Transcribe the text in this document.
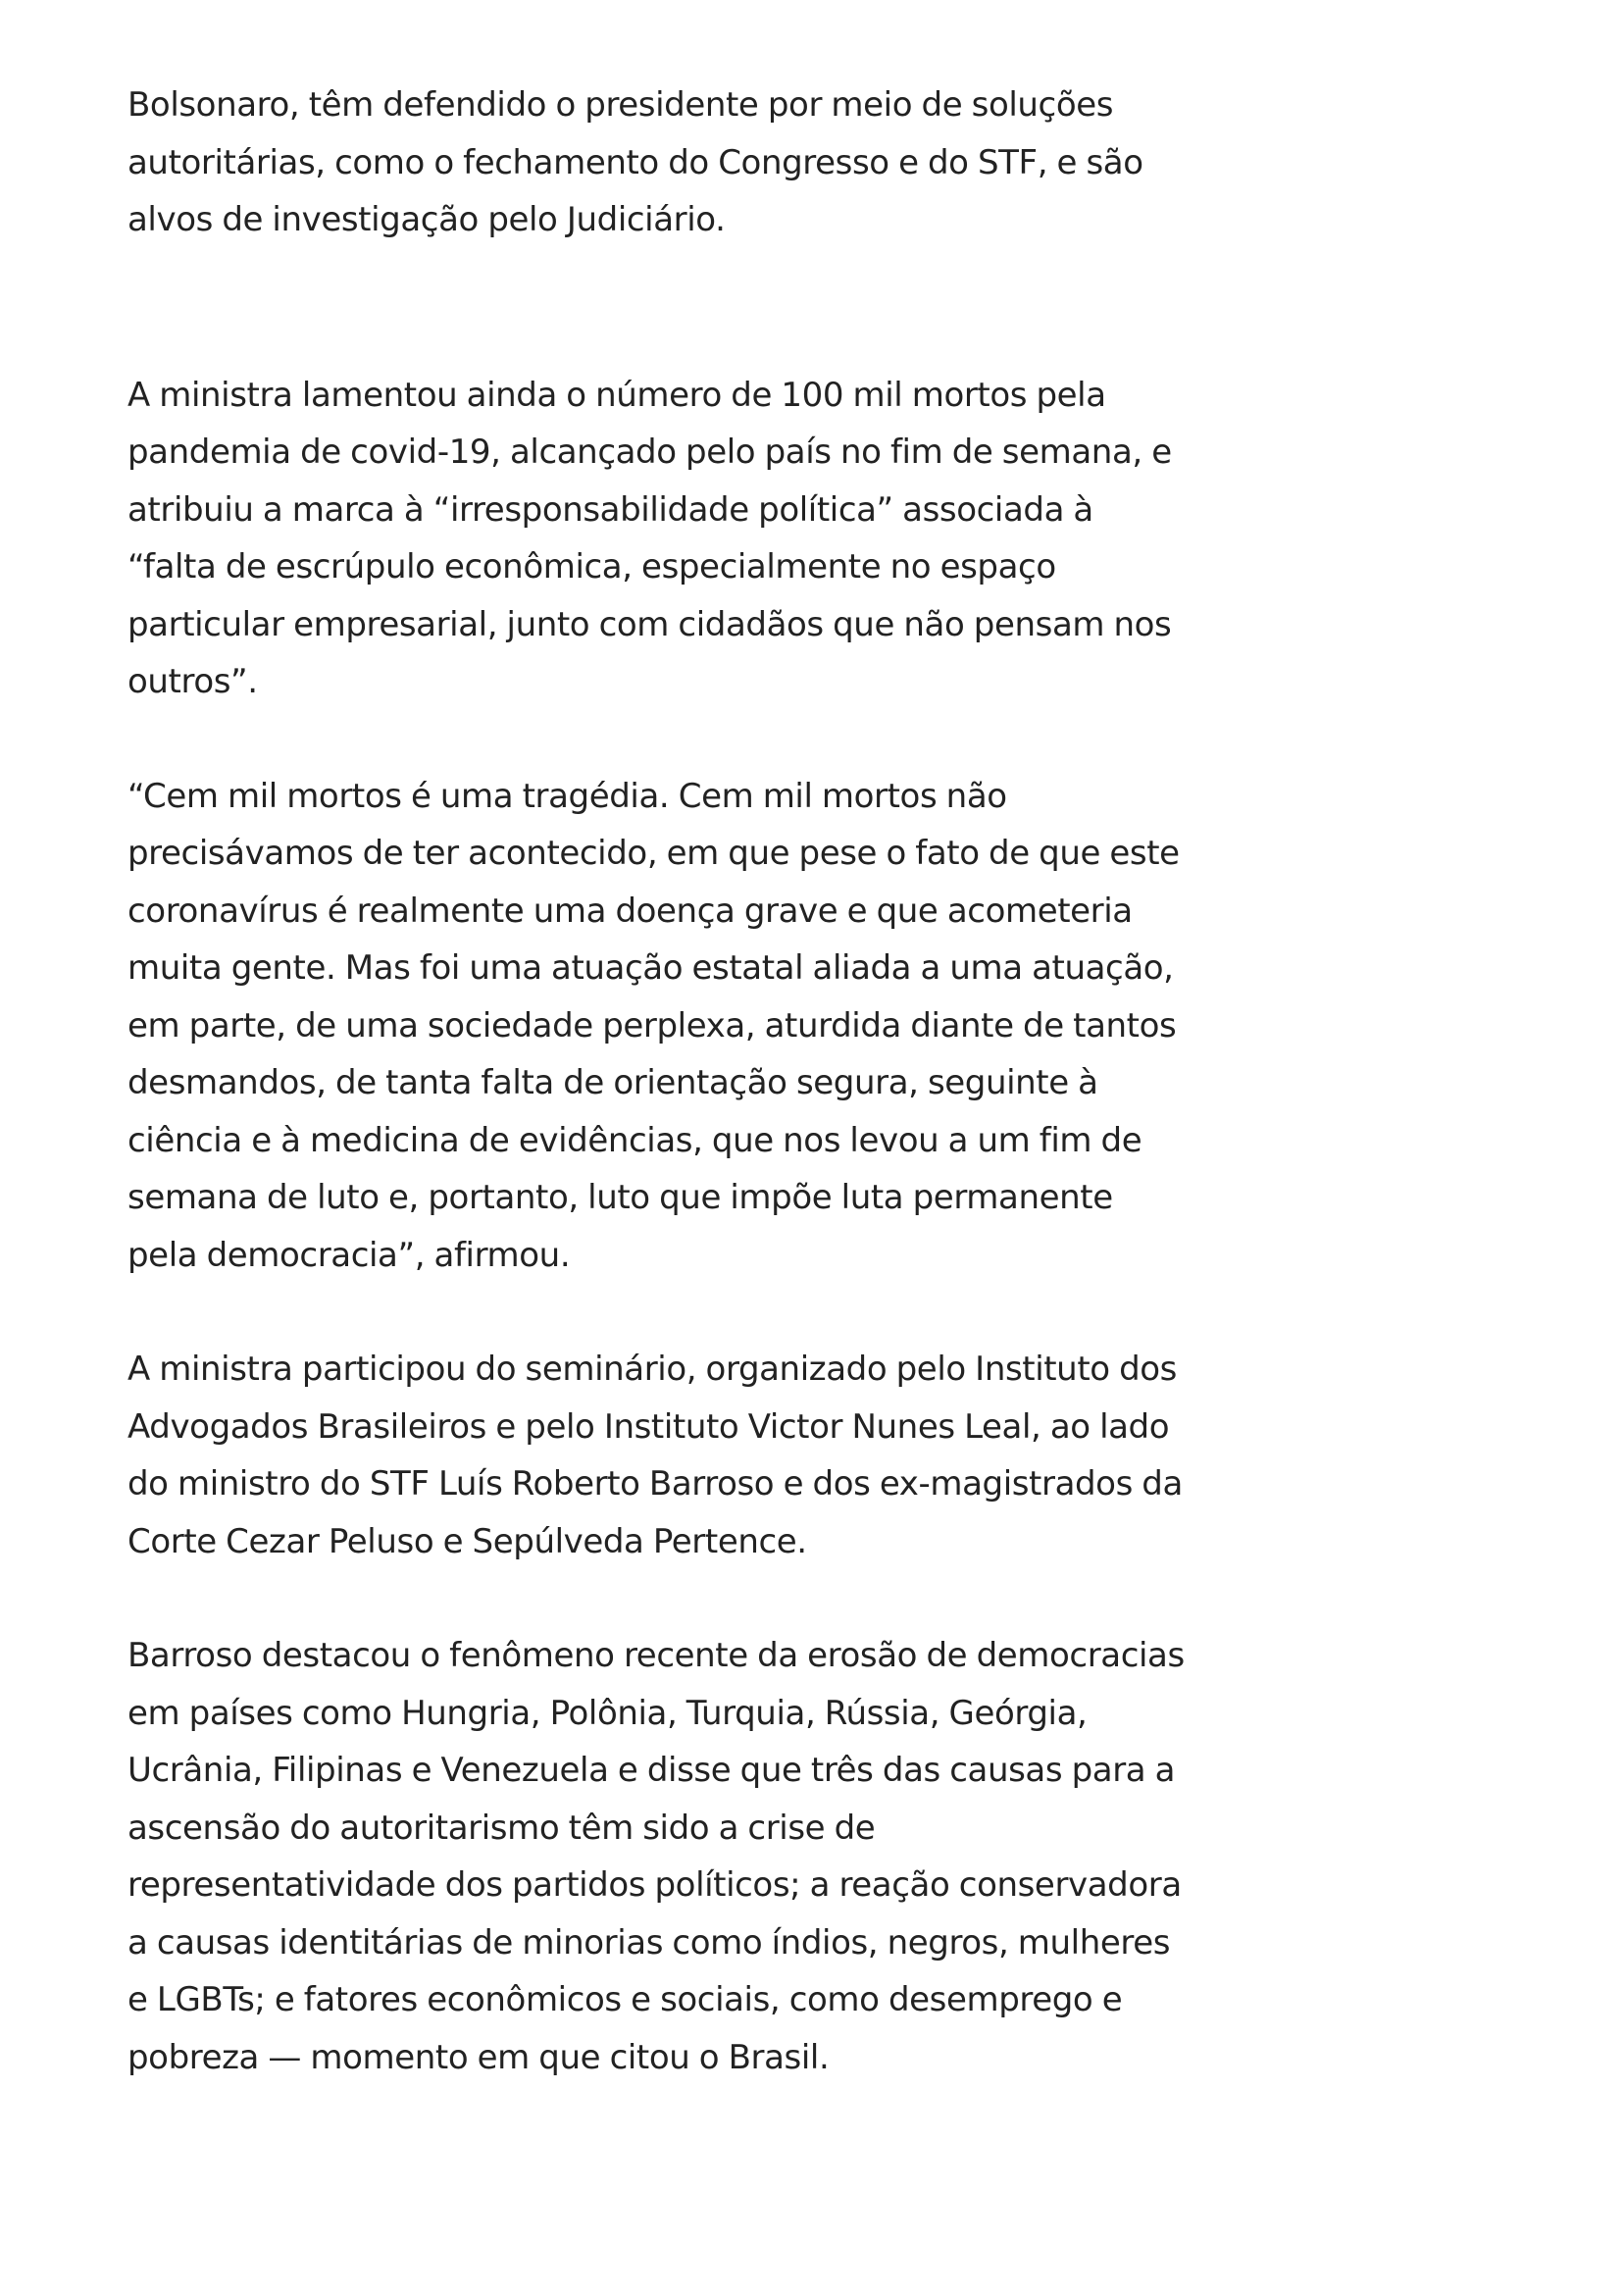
Bolsonaro, têm defendido o presidente por meio de soluções autoritárias, como o fechamento do Congresso e do STF, e são alvos de investigação pelo Judiciário.

A ministra lamentou ainda o número de 100 mil mortos pela pandemia de covid-19, alcançado pelo país no fim de semana, e atribuiu a marca à “irresponsabilidade política” associada à “falta de escrúpulo econômica, especialmente no espaço particular empresarial, junto com cidadãos que não pensam nos outros”.

“Cem mil mortos é uma tragédia. Cem mil mortos não precisávamos de ter acontecido, em que pese o fato de que este coronavírus é realmente uma doença grave e que acometeria muita gente. Mas foi uma atuação estatal aliada a uma atuação, em parte, de uma sociedade perplexa, aturdida diante de tantos desmandos, de tanta falta de orientação segura, seguinte à ciência e à medicina de evidências, que nos levou a um fim de semana de luto e, portanto, luto que impõe luta permanente pela democracia”, afirmou.

A ministra participou do seminário, organizado pelo Instituto dos Advogados Brasileiros e pelo Instituto Victor Nunes Leal, ao lado do ministro do STF Luís Roberto Barroso e dos ex-magistrados da Corte Cezar Peluso e Sepúlveda Pertence.

Barroso destacou o fenômeno recente da erosão de democracias em países como Hungria, Polônia, Turquia, Rússia, Geórgia, Ucrânia, Filipinas e Venezuela e disse que três das causas para a ascensão do autoritarismo têm sido a crise de representatividade dos partidos políticos; a reação conservadora a causas identitárias de minorias como índios, negros, mulheres e LGBTs; e fatores econômicos e sociais, como desemprego e pobreza — momento em que citou o Brasil.
